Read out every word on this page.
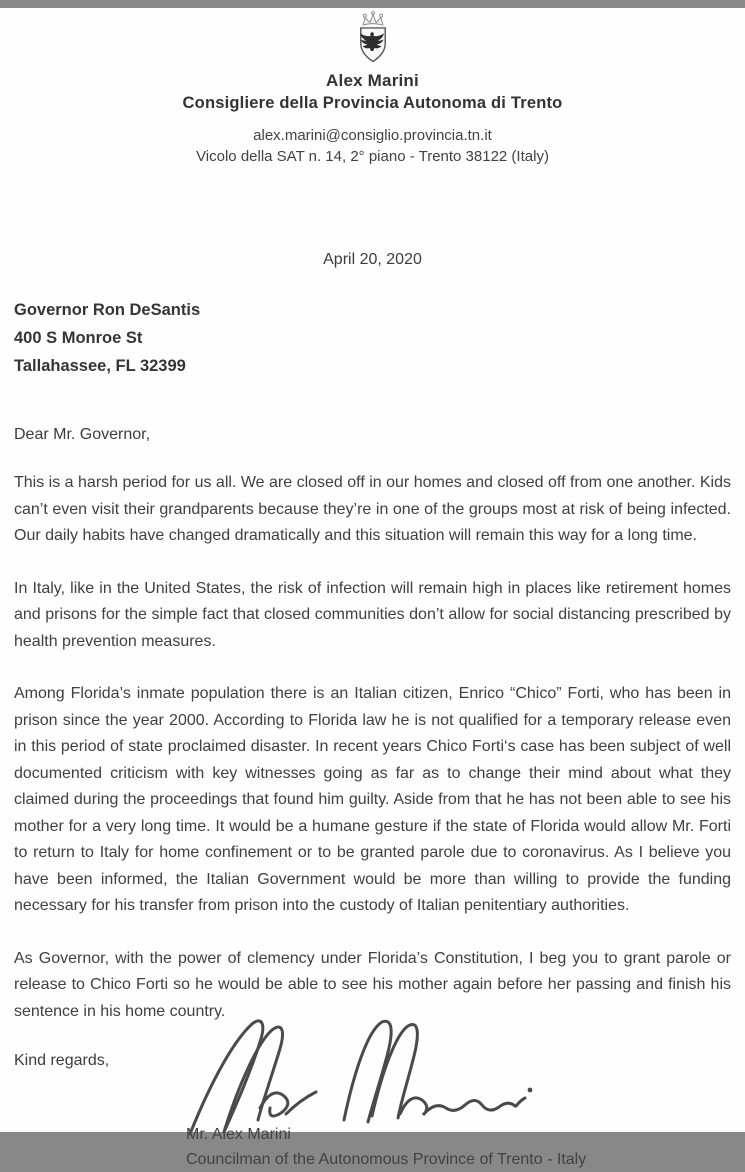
Alex Marini
Consigliere della Provincia Autonoma di Trento
alex.marini@consiglio.provincia.tn.it
Vicolo della SAT n. 14, 2° piano - Trento 38122 (Italy)
April 20, 2020
Governor Ron DeSantis
400 S Monroe St
Tallahassee, FL 32399
Dear Mr. Governor,

This is a harsh period for us all. We are closed off in our homes and closed off from one another. Kids can’t even visit their grandparents because they’re in one of the groups most at risk of being infected. Our daily habits have changed dramatically and this situation will remain this way for a long time.

In Italy, like in the United States, the risk of infection will remain high in places like retirement homes and prisons for the simple fact that closed communities don’t allow for social distancing prescribed by health prevention measures.

Among Florida’s inmate population there is an Italian citizen, Enrico “Chico” Forti, who has been in prison since the year 2000. According to Florida law he is not qualified for a temporary release even in this period of state proclaimed disaster. In recent years Chico Forti‘s case has been subject of well documented criticism with key witnesses going as far as to change their mind about what they claimed during the proceedings that found him guilty. Aside from that he has not been able to see his mother for a very long time. It would be a humane gesture if the state of Florida would allow Mr. Forti to return to Italy for home confinement or to be granted parole due to coronavirus. As I believe you have been informed, the Italian Government would be more than willing to provide the funding necessary for his transfer from prison into the custody of Italian penitentiary authorities.

As Governor, with the power of clemency under Florida’s Constitution, I beg you to grant parole or release to Chico Forti so he would be able to see his mother again before her passing and finish his sentence in his home country.

Kind regards,
Mr. Alex Marini
Councilman of the Autonomous Province of Trento - Italy
